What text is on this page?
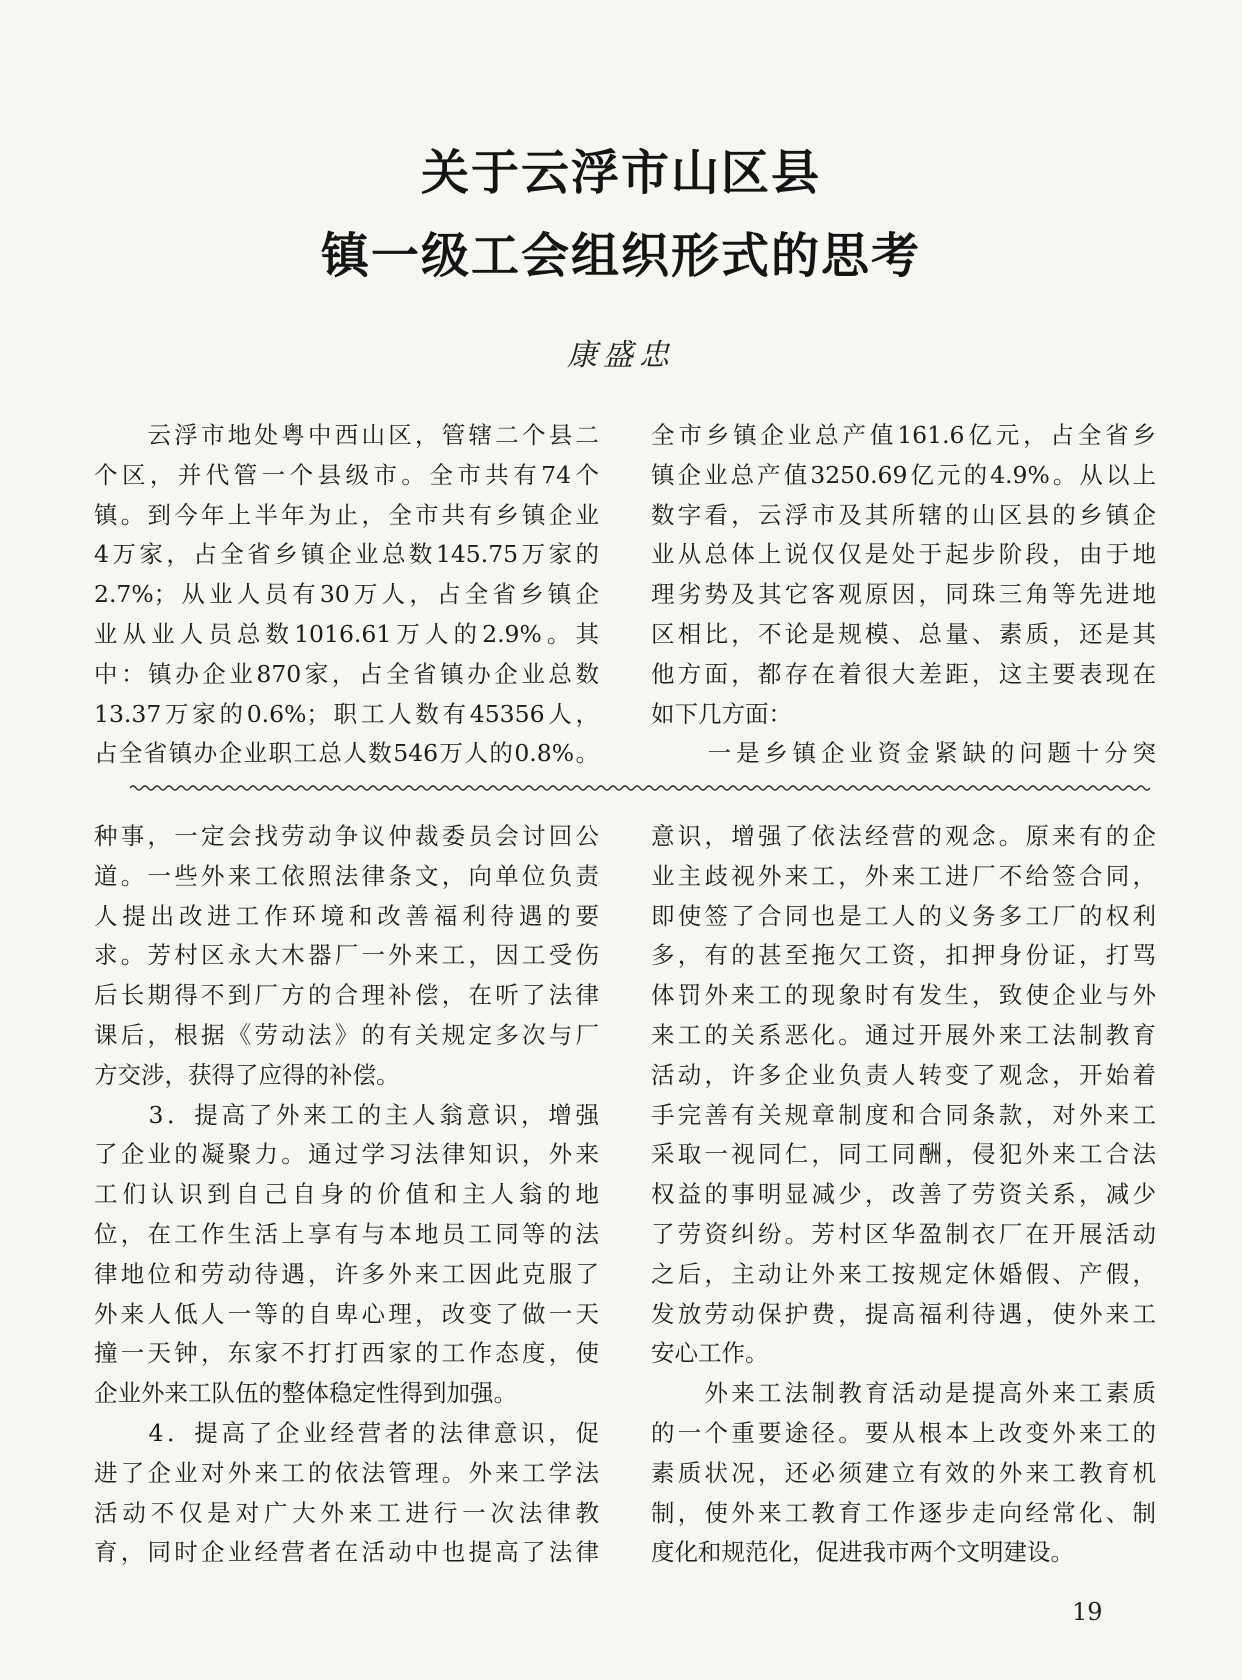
关于云浮市山区县
镇一级工会组织形式的思考
康盛忠

　　云浮市地处粤中西山区，管辖二个县二

个区，并代管一个县级市。全市共有74个

镇。到今年上半年为止，全市共有乡镇企业

4万家，占全省乡镇企业总数145.75万家的

2.7%；从业人员有30万人，占全省乡镇企

业从业人员总数1016.61万人的2.9%。其

中：镇办企业870家，占全省镇办企业总数

13.37万家的0.6%；职工人数有45356人，

占全省镇办企业职工总人数546万人的0.8%。

全市乡镇企业总产值161.6亿元，占全省乡

镇企业总产值3250.69亿元的4.9%。从以上

数字看，云浮市及其所辖的山区县的乡镇企

业从总体上说仅仅是处于起步阶段，由于地

理劣势及其它客观原因，同珠三角等先进地

区相比，不论是规模、总量、素质，还是其

他方面，都存在着很大差距，这主要表现在

如下几方面：

　　一是乡镇企业资金紧缺的问题十分突

种事，一定会找劳动争议仲裁委员会讨回公

道。一些外来工依照法律条文，向单位负责

人提出改进工作环境和改善福利待遇的要

求。芳村区永大木器厂一外来工，因工受伤

后长期得不到厂方的合理补偿，在听了法律

课后，根据《劳动法》的有关规定多次与厂

方交涉，获得了应得的补偿。

　　3．提高了外来工的主人翁意识，增强

了企业的凝聚力。通过学习法律知识，外来

工们认识到自己自身的价值和主人翁的地

位，在工作生活上享有与本地员工同等的法

律地位和劳动待遇，许多外来工因此克服了

外来人低人一等的自卑心理，改变了做一天

撞一天钟，东家不打打西家的工作态度，使

企业外来工队伍的整体稳定性得到加强。

　　4．提高了企业经营者的法律意识，促

进了企业对外来工的依法管理。外来工学法

活动不仅是对广大外来工进行一次法律教

育，同时企业经营者在活动中也提高了法律

意识，增强了依法经营的观念。原来有的企

业主歧视外来工，外来工进厂不给签合同，

即使签了合同也是工人的义务多工厂的权利

多，有的甚至拖欠工资，扣押身份证，打骂

体罚外来工的现象时有发生，致使企业与外

来工的关系恶化。通过开展外来工法制教育

活动，许多企业负责人转变了观念，开始着

手完善有关规章制度和合同条款，对外来工

采取一视同仁，同工同酬，侵犯外来工合法

权益的事明显减少，改善了劳资关系，减少

了劳资纠纷。芳村区华盈制衣厂在开展活动

之后，主动让外来工按规定休婚假、产假，

发放劳动保护费，提高福利待遇，使外来工

安心工作。

　　外来工法制教育活动是提高外来工素质

的一个重要途径。要从根本上改变外来工的

素质状况，还必须建立有效的外来工教育机

制，使外来工教育工作逐步走向经常化、制

度化和规范化，促进我市两个文明建设。

19
